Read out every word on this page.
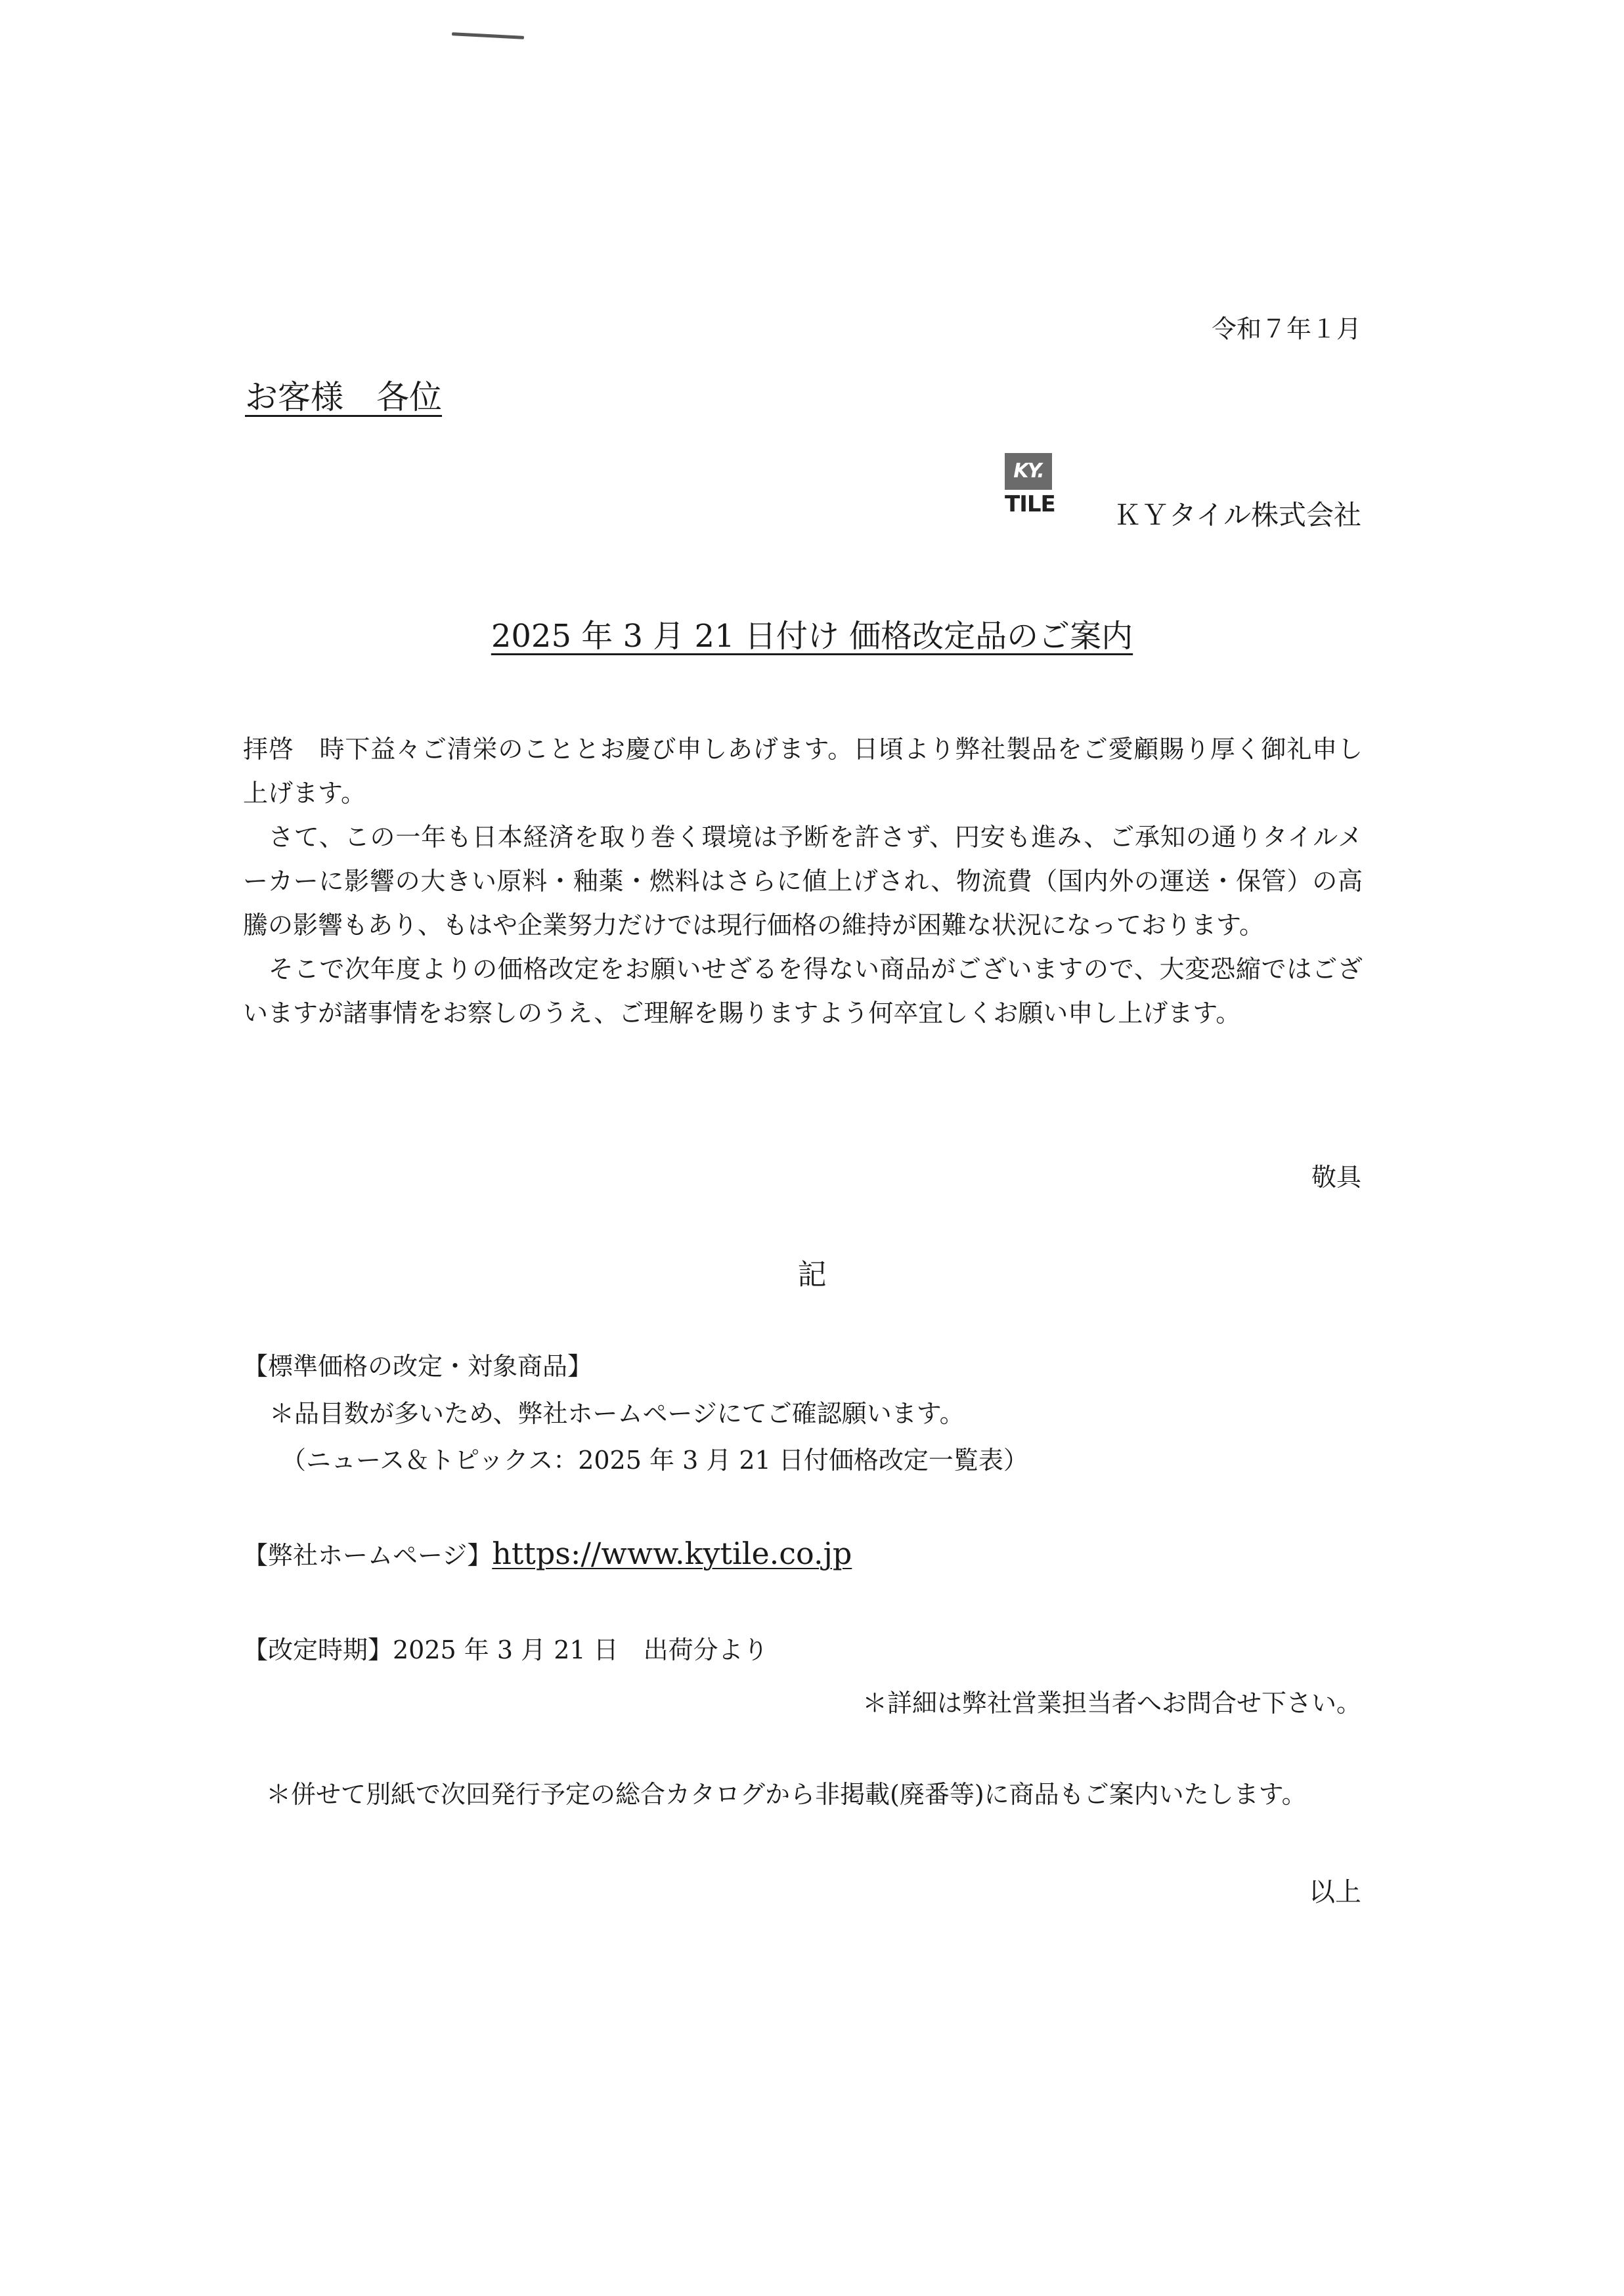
令和７年１月
お客様　各位
KY.
TILE ＫＹタイル株式会社
2025 年 3 月 21 日付け 価格改定品のご案内

拝啓　時下益々ご清栄のこととお慶び申しあげます。日頃より弊社製品をご愛顧賜り厚く御礼申し上げます。

　さて、この一年も日本経済を取り巻く環境は予断を許さず、円安も進み、ご承知の通りタイルメーカーに影響の大きい原料・釉薬・燃料はさらに値上げされ、物流費（国内外の運送・保管）の高騰の影響もあり、もはや企業努力だけでは現行価格の維持が困難な状況になっております。

　そこで次年度よりの価格改定をお願いせざるを得ない商品がございますので、大変恐縮ではございますが諸事情をお察しのうえ、ご理解を賜りますよう何卒宜しくお願い申し上げます。

敬具
記
【標準価格の改定・対象商品】
＊品目数が多いため、弊社ホームページにてご確認願います。
（ニュース＆トピックス：2025 年 3 月 21 日付価格改定一覧表）
【弊社ホームページ】https://www.kytile.co.jp
【改定時期】2025 年 3 月 21 日　出荷分より
＊詳細は弊社営業担当者へお問合せ下さい。
＊併せて別紙で次回発行予定の総合カタログから非掲載(廃番等)に商品もご案内いたします。
以上
